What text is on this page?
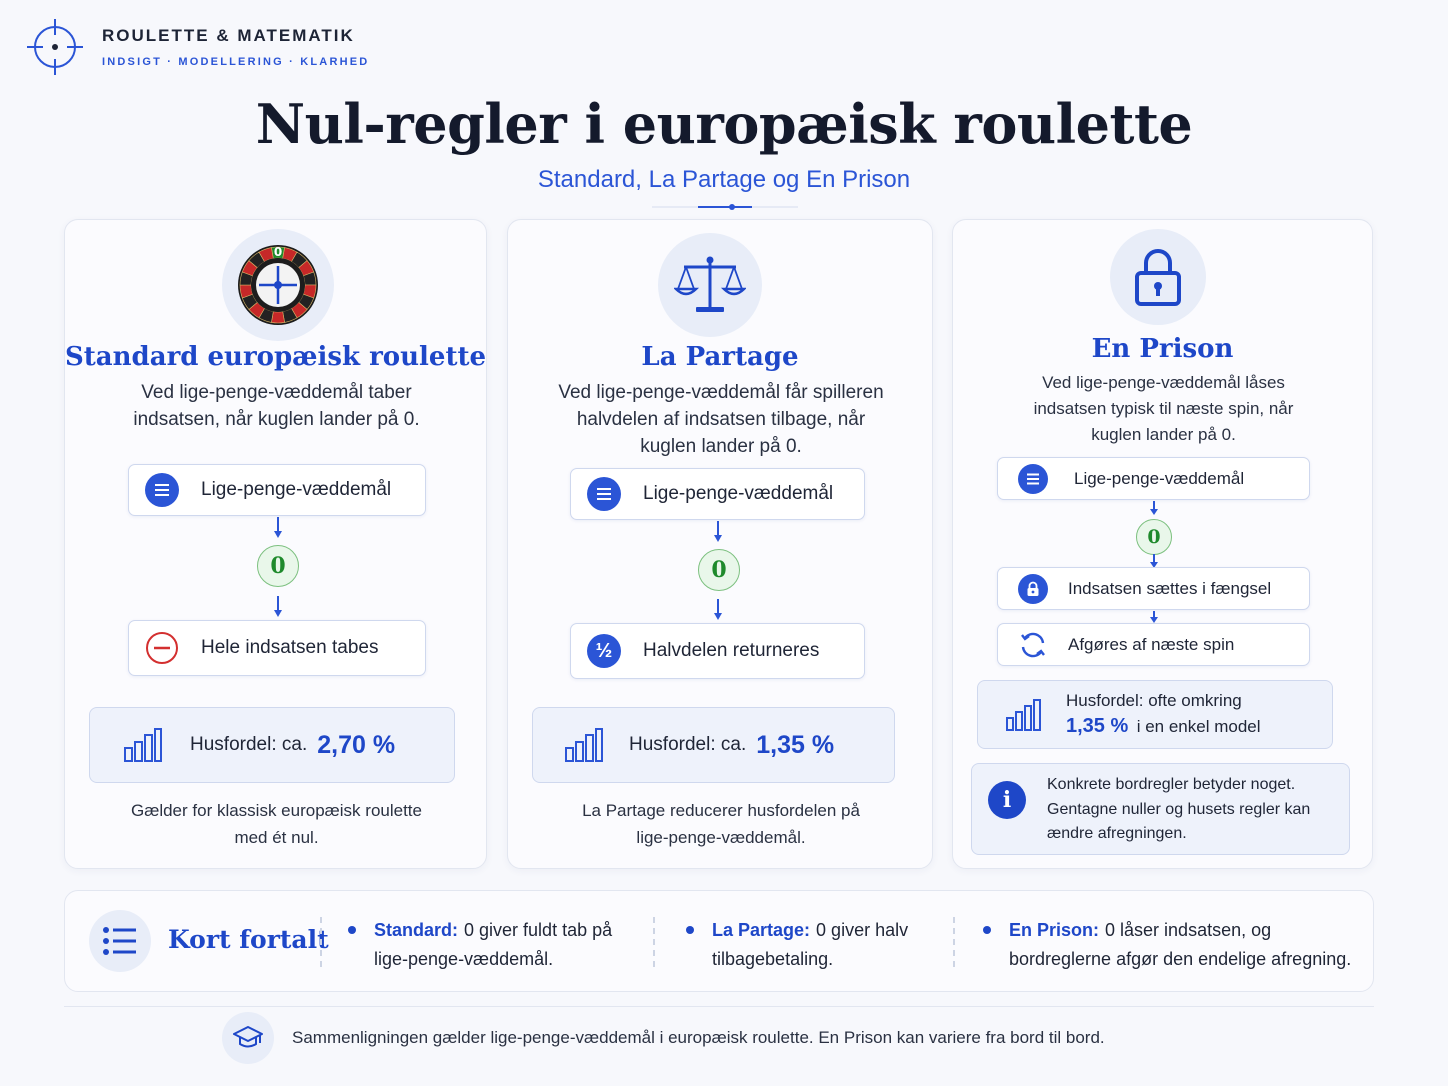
ROULETTE & MATEMATIK
INDSIGT · MODELLERING · KLARHED
Nul-regler i europæisk roulette
Standard, La Partage og En Prison
0
Standard europæisk roulette
Ved lige-penge-væddemål taber
indsatsen, når kuglen lander på 0.
Lige-penge-væddemål
0
Hele indsatsen tabes
Husfordel: ca. 2,70 %
Gælder for klassisk europæisk roulette
med ét nul.
La Partage
Ved lige-penge-væddemål får spilleren
halvdelen af indsatsen tilbage, når
kuglen lander på 0.
Lige-penge-væddemål
0
½	Halvdelen returneres
Husfordel: ca. 1,35 %
La Partage reducerer husfordelen på
lige-penge-væddemål.
En Prison
Ved lige-penge-væddemål låses
indsatsen typisk til næste spin, når
kuglen lander på 0.
Lige-penge-væddemål
0
Indsatsen sættes i fængsel
Afgøres af næste spin
Husfordel: ofte omkring
1,35 % i en enkel model
i
Konkrete bordregler betyder noget.
Gentagne nuller og husets regler kan
ændre afregningen.
Kort fortalt	Standard: 0 giver fuldt tab på
lige-penge-væddemål.
La Partage: 0 giver halv
tilbagebetaling.
En Prison: 0 låser indsatsen, og
bordreglerne afgør den endelige afregning.
Sammenligningen gælder lige-penge-væddemål i europæisk roulette. En Prison kan variere fra bord til bord.
